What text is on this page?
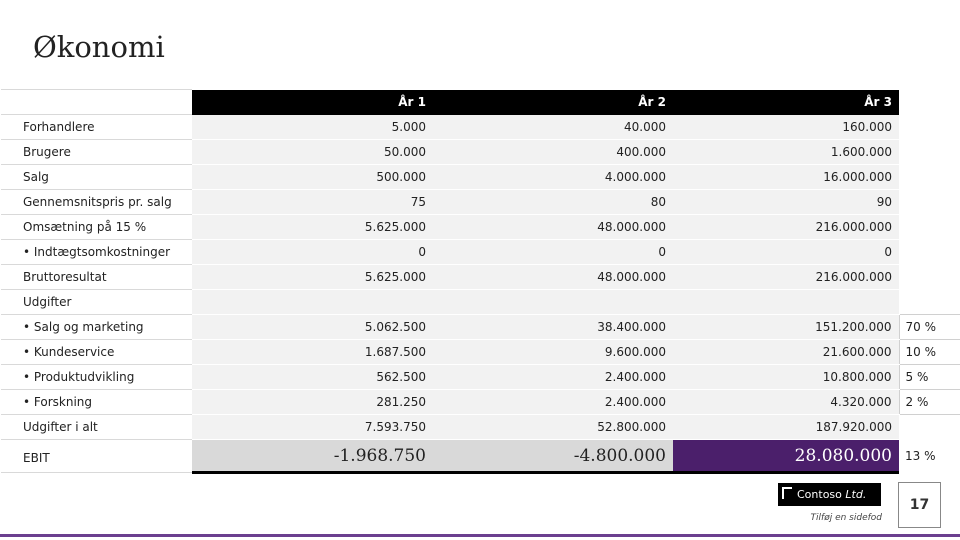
Økonomi
	År 1	År 2	År 3	
Forhandlere	5.000	40.000	160.000	
Brugere	50.000	400.000	1.600.000	
Salg	500.000	4.000.000	16.000.000	
Gennemsnitspris pr. salg	75	80	90	
Omsætning på 15 %	5.625.000	48.000.000	216.000.000	
• Indtægtsomkostninger	0	0	0	
Bruttoresultat	5.625.000	48.000.000	216.000.000	
Udgifter				
• Salg og marketing	5.062.500	38.400.000	151.200.000	70 %
• Kundeservice	1.687.500	9.600.000	21.600.000	10 %
• Produktudvikling	562.500	2.400.000	10.800.000	5 %
• Forskning	281.250	2.400.000	4.320.000	2 %
Udgifter i alt	7.593.750	52.800.000	187.920.000	
EBIT	-1.968.750	-4.800.000	28.080.000	13 %
Contoso Ltd.
Tilføj en sidefod
17
